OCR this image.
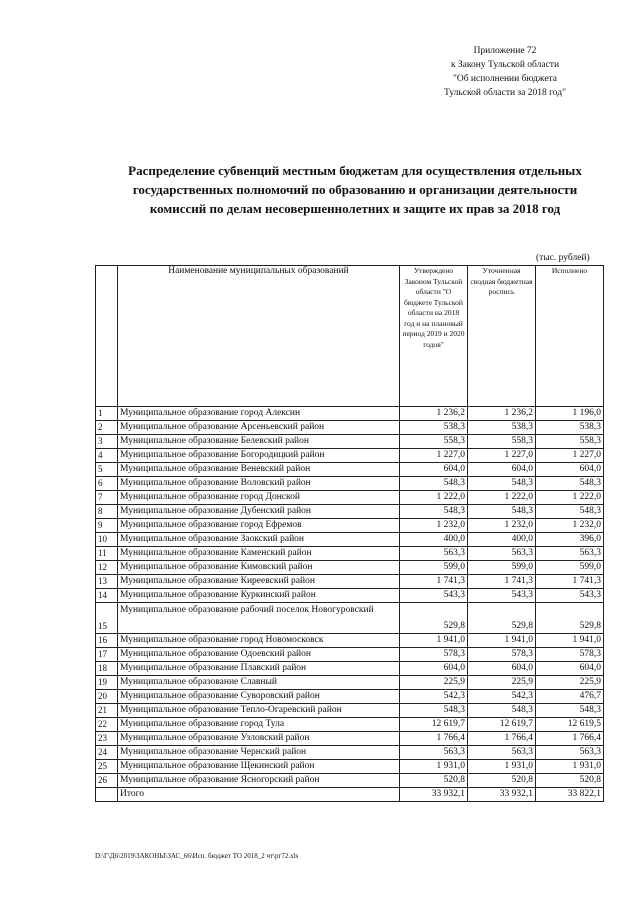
Приложение 72
к Закону Тульской области
"Об исполнении бюджета
Тульской области за 2018 год"
Распределение субвенций местным бюджетам для осуществления отдельных
государственных полномочий по образованию и организации деятельности
комиссий по делам несовершеннолетних и защите их прав за 2018 год
(тыс. рублей)
	Наименование муниципальных образований	Утверждено Законом Тульской области "О бюджете Тульской области на 2018 год и на плановый период 2019 и 2020 годов"	Уточненная сводная бюджетная роспись	Исполнено
1	Муниципальное образование город Алексин	1 236,2	1 236,2	1 196,0
2	Муниципальное образование Арсеньевский район	538,3	538,3	538,3
3	Муниципальное образование Белевский район	558,3	558,3	558,3
4	Муниципальное образование Богородицкий район	1 227,0	1 227,0	1 227,0
5	Муниципальное образование Веневский район	604,0	604,0	604,0
6	Муниципальное образование Воловский район	548,3	548,3	548,3
7	Муниципальное образование город Донской	1 222,0	1 222,0	1 222,0
8	Муниципальное образование Дубенский район	548,3	548,3	548,3
9	Муниципальное образование город Ефремов	1 232,0	1 232,0	1 232,0
10	Муниципальное образование Заокский район	400,0	400,0	396,0
11	Муниципальное образование Каменский район	563,3	563,3	563,3
12	Муниципальное образование Кимовский район	599,0	599,0	599,0
13	Муниципальное образование Киреевский район	1 741,3	1 741,3	1 741,3
14	Муниципальное образование Куркинский район	543,3	543,3	543,3
15	Муниципальное образование рабочий поселок Новогуровский	529,8	529,8	529,8
16	Муниципальное образование город Новомосковск	1 941,0	1 941,0	1 941,0
17	Муниципальное образование Одоевский район	578,3	578,3	578,3
18	Муниципальное образование Плавский район	604,0	604,0	604,0
19	Муниципальное образование Славный	225,9	225,9	225,9
20	Муниципальное образование Суворовский район	542,3	542,3	476,7
21	Муниципальное образование Тепло-Огаревский район	548,3	548,3	548,3
22	Муниципальное образование город Тула	12 619,7	12 619,7	12 619,5
23	Муниципальное образование Узловский район	1 766,4	1 766,4	1 766,4
24	Муниципальное образование Чернский район	563,3	563,3	563,3
25	Муниципальное образование Щекинский район	1 931,0	1 931,0	1 931,0
26	Муниципальное образование Ясногорский район	520,8	520,8	520,8
	Итого	33 932,1	33 932,1	33 822,1
D:\Г\Д6\2019\ЗАКОНЫ\ЗАС_66\Исп. бюджет ТО 2018_2 чт\рг72.xls
